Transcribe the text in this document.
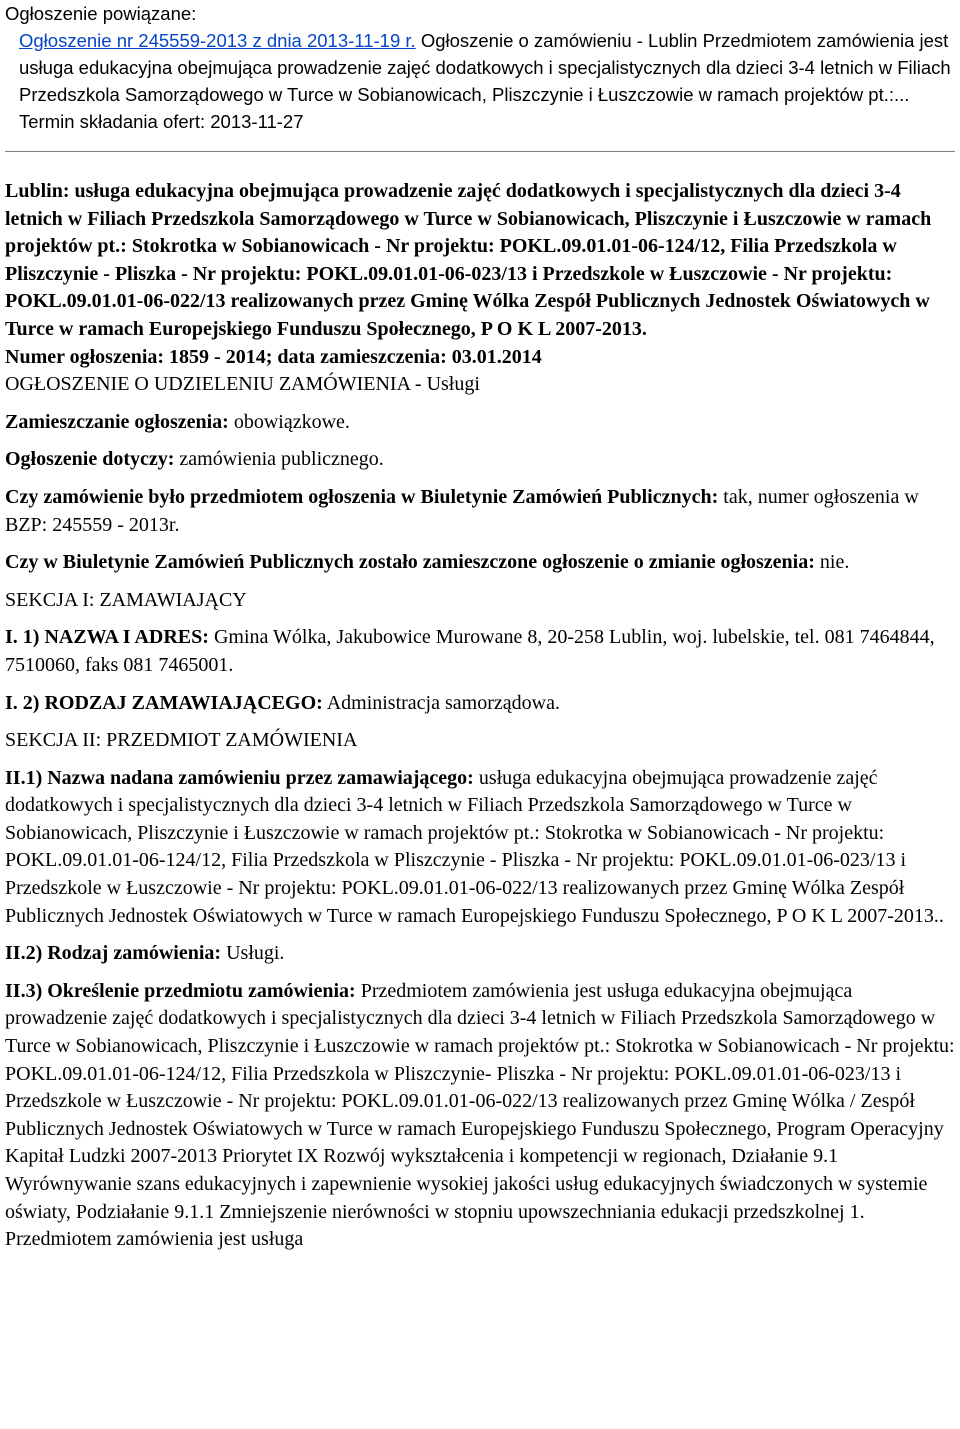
Ogłoszenie powiązane:
Ogłoszenie nr 245559-2013 z dnia 2013-11-19 r. Ogłoszenie o zamówieniu - Lublin Przedmiotem zamówienia jest usługa edukacyjna obejmująca prowadzenie zajęć dodatkowych i specjalistycznych dla dzieci 3-4 letnich w Filiach Przedszkola Samorządowego w Turce w Sobianowicach, Pliszczynie i Łuszczowie w ramach projektów pt.:...
Termin składania ofert: 2013-11-27
Lublin: usługa edukacyjna obejmująca prowadzenie zajęć dodatkowych i specjalistycznych dla dzieci 3-4 letnich w Filiach Przedszkola Samorządowego w Turce w Sobianowicach, Pliszczynie i Łuszczowie w ramach projektów pt.: Stokrotka w Sobianowicach - Nr projektu: POKL.09.01.01-06-124/12, Filia Przedszkola w Pliszczynie - Pliszka - Nr projektu: POKL.09.01.01-06-023/13 i Przedszkole w Łuszczowie - Nr projektu: POKL.09.01.01-06-022/13 realizowanych przez Gminę Wólka Zespół Publicznych Jednostek Oświatowych w Turce w ramach Europejskiego Funduszu Społecznego, P O K L 2007-2013.
Numer ogłoszenia: 1859 - 2014; data zamieszczenia: 03.01.2014

OGŁOSZENIE O UDZIELENIU ZAMÓWIENIA - Usługi

Zamieszczanie ogłoszenia: obowiązkowe.

Ogłoszenie dotyczy: zamówienia publicznego.

Czy zamówienie było przedmiotem ogłoszenia w Biuletynie Zamówień Publicznych: tak, numer ogłoszenia w BZP: 245559 - 2013r.

Czy w Biuletynie Zamówień Publicznych zostało zamieszczone ogłoszenie o zmianie ogłoszenia: nie.

SEKCJA I: ZAMAWIAJĄCY

I. 1) NAZWA I ADRES: Gmina Wólka, Jakubowice Murowane 8, 20-258 Lublin, woj. lubelskie, tel. 081 7464844, 7510060, faks 081 7465001.

I. 2) RODZAJ ZAMAWIAJĄCEGO: Administracja samorządowa.

SEKCJA II: PRZEDMIOT ZAMÓWIENIA

II.1) Nazwa nadana zamówieniu przez zamawiającego: usługa edukacyjna obejmująca prowadzenie zajęć dodatkowych i specjalistycznych dla dzieci 3-4 letnich w Filiach Przedszkola Samorządowego w Turce w Sobianowicach, Pliszczynie i Łuszczowie w ramach projektów pt.: Stokrotka w Sobianowicach - Nr projektu: POKL.09.01.01-06-124/12, Filia Przedszkola w Pliszczynie - Pliszka - Nr projektu: POKL.09.01.01-06-023/13 i Przedszkole w Łuszczowie - Nr projektu: POKL.09.01.01-06-022/13 realizowanych przez Gminę Wólka Zespół Publicznych Jednostek Oświatowych w Turce w ramach Europejskiego Funduszu Społecznego, P O K L 2007-2013..

II.2) Rodzaj zamówienia: Usługi.

II.3) Określenie przedmiotu zamówienia: Przedmiotem zamówienia jest usługa edukacyjna obejmująca prowadzenie zajęć dodatkowych i specjalistycznych dla dzieci 3-4 letnich w Filiach Przedszkola Samorządowego w Turce w Sobianowicach, Pliszczynie i Łuszczowie w ramach projektów pt.: Stokrotka w Sobianowicach - Nr projektu: POKL.09.01.01-06-124/12, Filia Przedszkola w Pliszczynie- Pliszka - Nr projektu: POKL.09.01.01-06-023/13 i Przedszkole w Łuszczowie - Nr projektu: POKL.09.01.01-06-022/13 realizowanych przez Gminę Wólka / Zespół Publicznych Jednostek Oświatowych w Turce w ramach Europejskiego Funduszu Społecznego, Program Operacyjny Kapitał Ludzki 2007-2013 Priorytet IX Rozwój wykształcenia i kompetencji w regionach, Działanie 9.1 Wyrównywanie szans edukacyjnych i zapewnienie wysokiej jakości usług edukacyjnych świadczonych w systemie oświaty, Podziałanie 9.1.1 Zmniejszenie nierówności w stopniu upowszechniania edukacji przedszkolnej 1. Przedmiotem zamówienia jest usługa
